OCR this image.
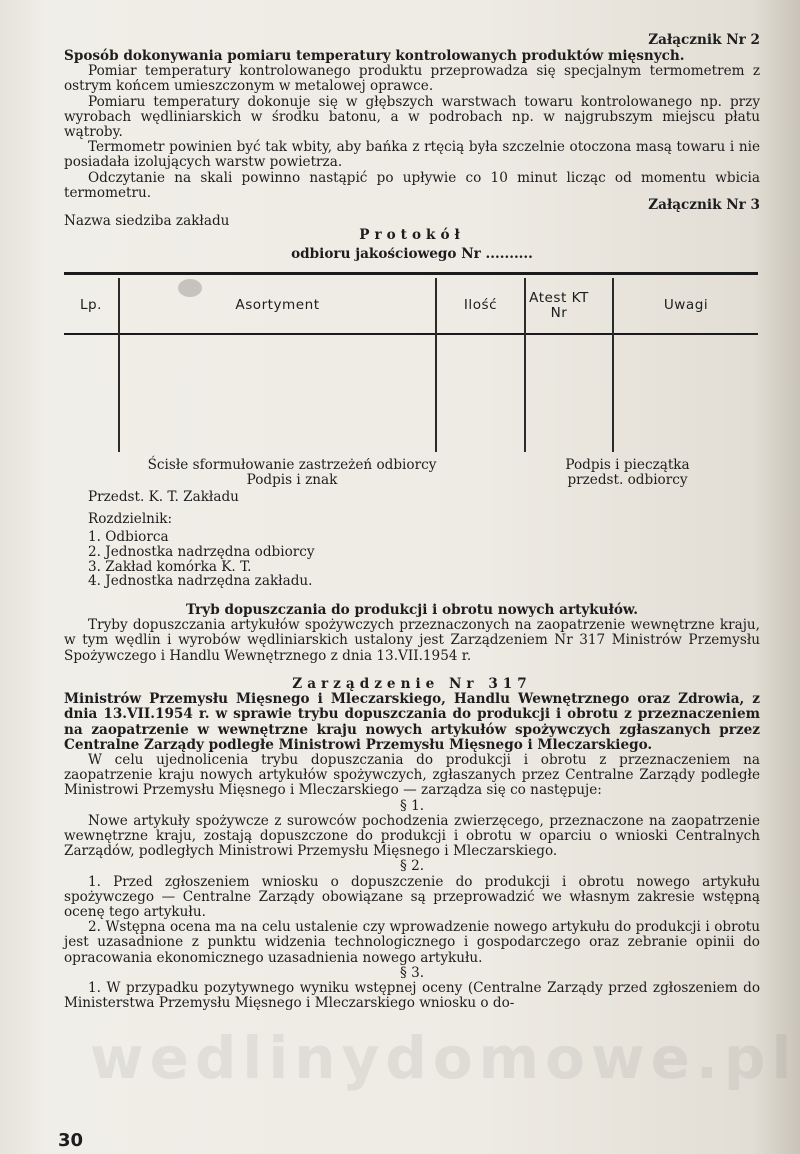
Załącznik Nr 2

Sposób dokonywania pomiaru temperatury kontrolowanych produktów mięsnych.

Pomiar temperatury kontrolowanego produktu przeprowadza się specjalnym termometrem z ostrym końcem umieszczonym w metalowej oprawce.

Pomiaru temperatury dokonuje się w głębszych warstwach towaru kontrolowanego np. przy wyrobach wędliniarskich w środku batonu, a w podrobach np. w najgrubszym miejscu płatu wątroby.

Termometr powinien być tak wbity, aby bańka z rtęcią była szczelnie otoczona masą towaru i nie posiadała izolujących warstw powietrza.

Odczytanie na skali powinno nastąpić po upływie co 10 minut licząc od momentu wbicia termometru.

Załącznik Nr 3
Nazwa siedziba zakładu
Protokół
odbioru jakościowego Nr ..........
Lp.	Asortyment	Ilość	Atest KT Nr	Uwagi
Ścisłe sformułowanie zastrzeżeń odbiorcy
Podpis i znak
Podpis i pieczątka
przedst. odbiorcy
Przedst. K. T. Zakładu
Rozdzielnik:
1. Odbiorca
2. Jednostka nadrzędna odbiorcy
3. Zakład komórka K. T.
4. Jednostka nadrzędna zakładu.

Tryb dopuszczania do produkcji i obrotu nowych artykułów.

Tryby dopuszczania artykułów spożywczych przeznaczonych na zaopatrzenie wewnętrzne kraju, w tym wędlin i wyrobów wędliniarskich ustalony jest Zarządzeniem Nr 317 Ministrów Przemysłu Spożywczego i Handlu Wewnętrznego z dnia 13.VII.1954 r.

Zarządzenie Nr 317

Ministrów Przemysłu Mięsnego i Mleczarskiego, Handlu Wewnętrznego oraz Zdrowia, z dnia 13.VII.1954 r. w sprawie trybu dopuszczania do produkcji i obrotu z przeznaczeniem na zaopatrzenie w wewnętrzne kraju nowych artykułów spożywczych zgłaszanych przez Centralne Zarządy podległe Ministrowi Przemysłu Mięsnego i Mleczarskiego.

W celu ujednolicenia trybu dopuszczania do produkcji i obrotu z przeznaczeniem na zaopatrzenie kraju nowych artykułów spożywczych, zgłaszanych przez Centralne Zarządy podległe Ministrowi Przemysłu Mięsnego i Mleczarskiego — zarządza się co następuje:

§ 1.

Nowe artykuły spożywcze z surowców pochodzenia zwierzęcego, przeznaczone na zaopatrzenie wewnętrzne kraju, zostają dopuszczone do produkcji i obrotu w oparciu o wnioski Centralnych Zarządów, podległych Ministrowi Przemysłu Mięsnego i Mleczarskiego.

§ 2.

1. Przed zgłoszeniem wniosku o dopuszczenie do produkcji i obrotu nowego artykułu spożywczego — Centralne Zarządy obowiązane są przeprowadzić we własnym zakresie wstępną ocenę tego artykułu.

2. Wstępna ocena ma na celu ustalenie czy wprowadzenie nowego artykułu do produkcji i obrotu jest uzasadnione z punktu widzenia technologicznego i gospodarczego oraz zebranie opinii do opracowania ekonomicznego uzasadnienia nowego artykułu.

§ 3.

1. W przypadku pozytywnego wyniku wstępnej oceny (Centralne Zarządy przed zgłoszeniem do Ministerstwa Przemysłu Mięsnego i Mleczarskiego wniosku o do-

wedlinydomowe.pl
30
